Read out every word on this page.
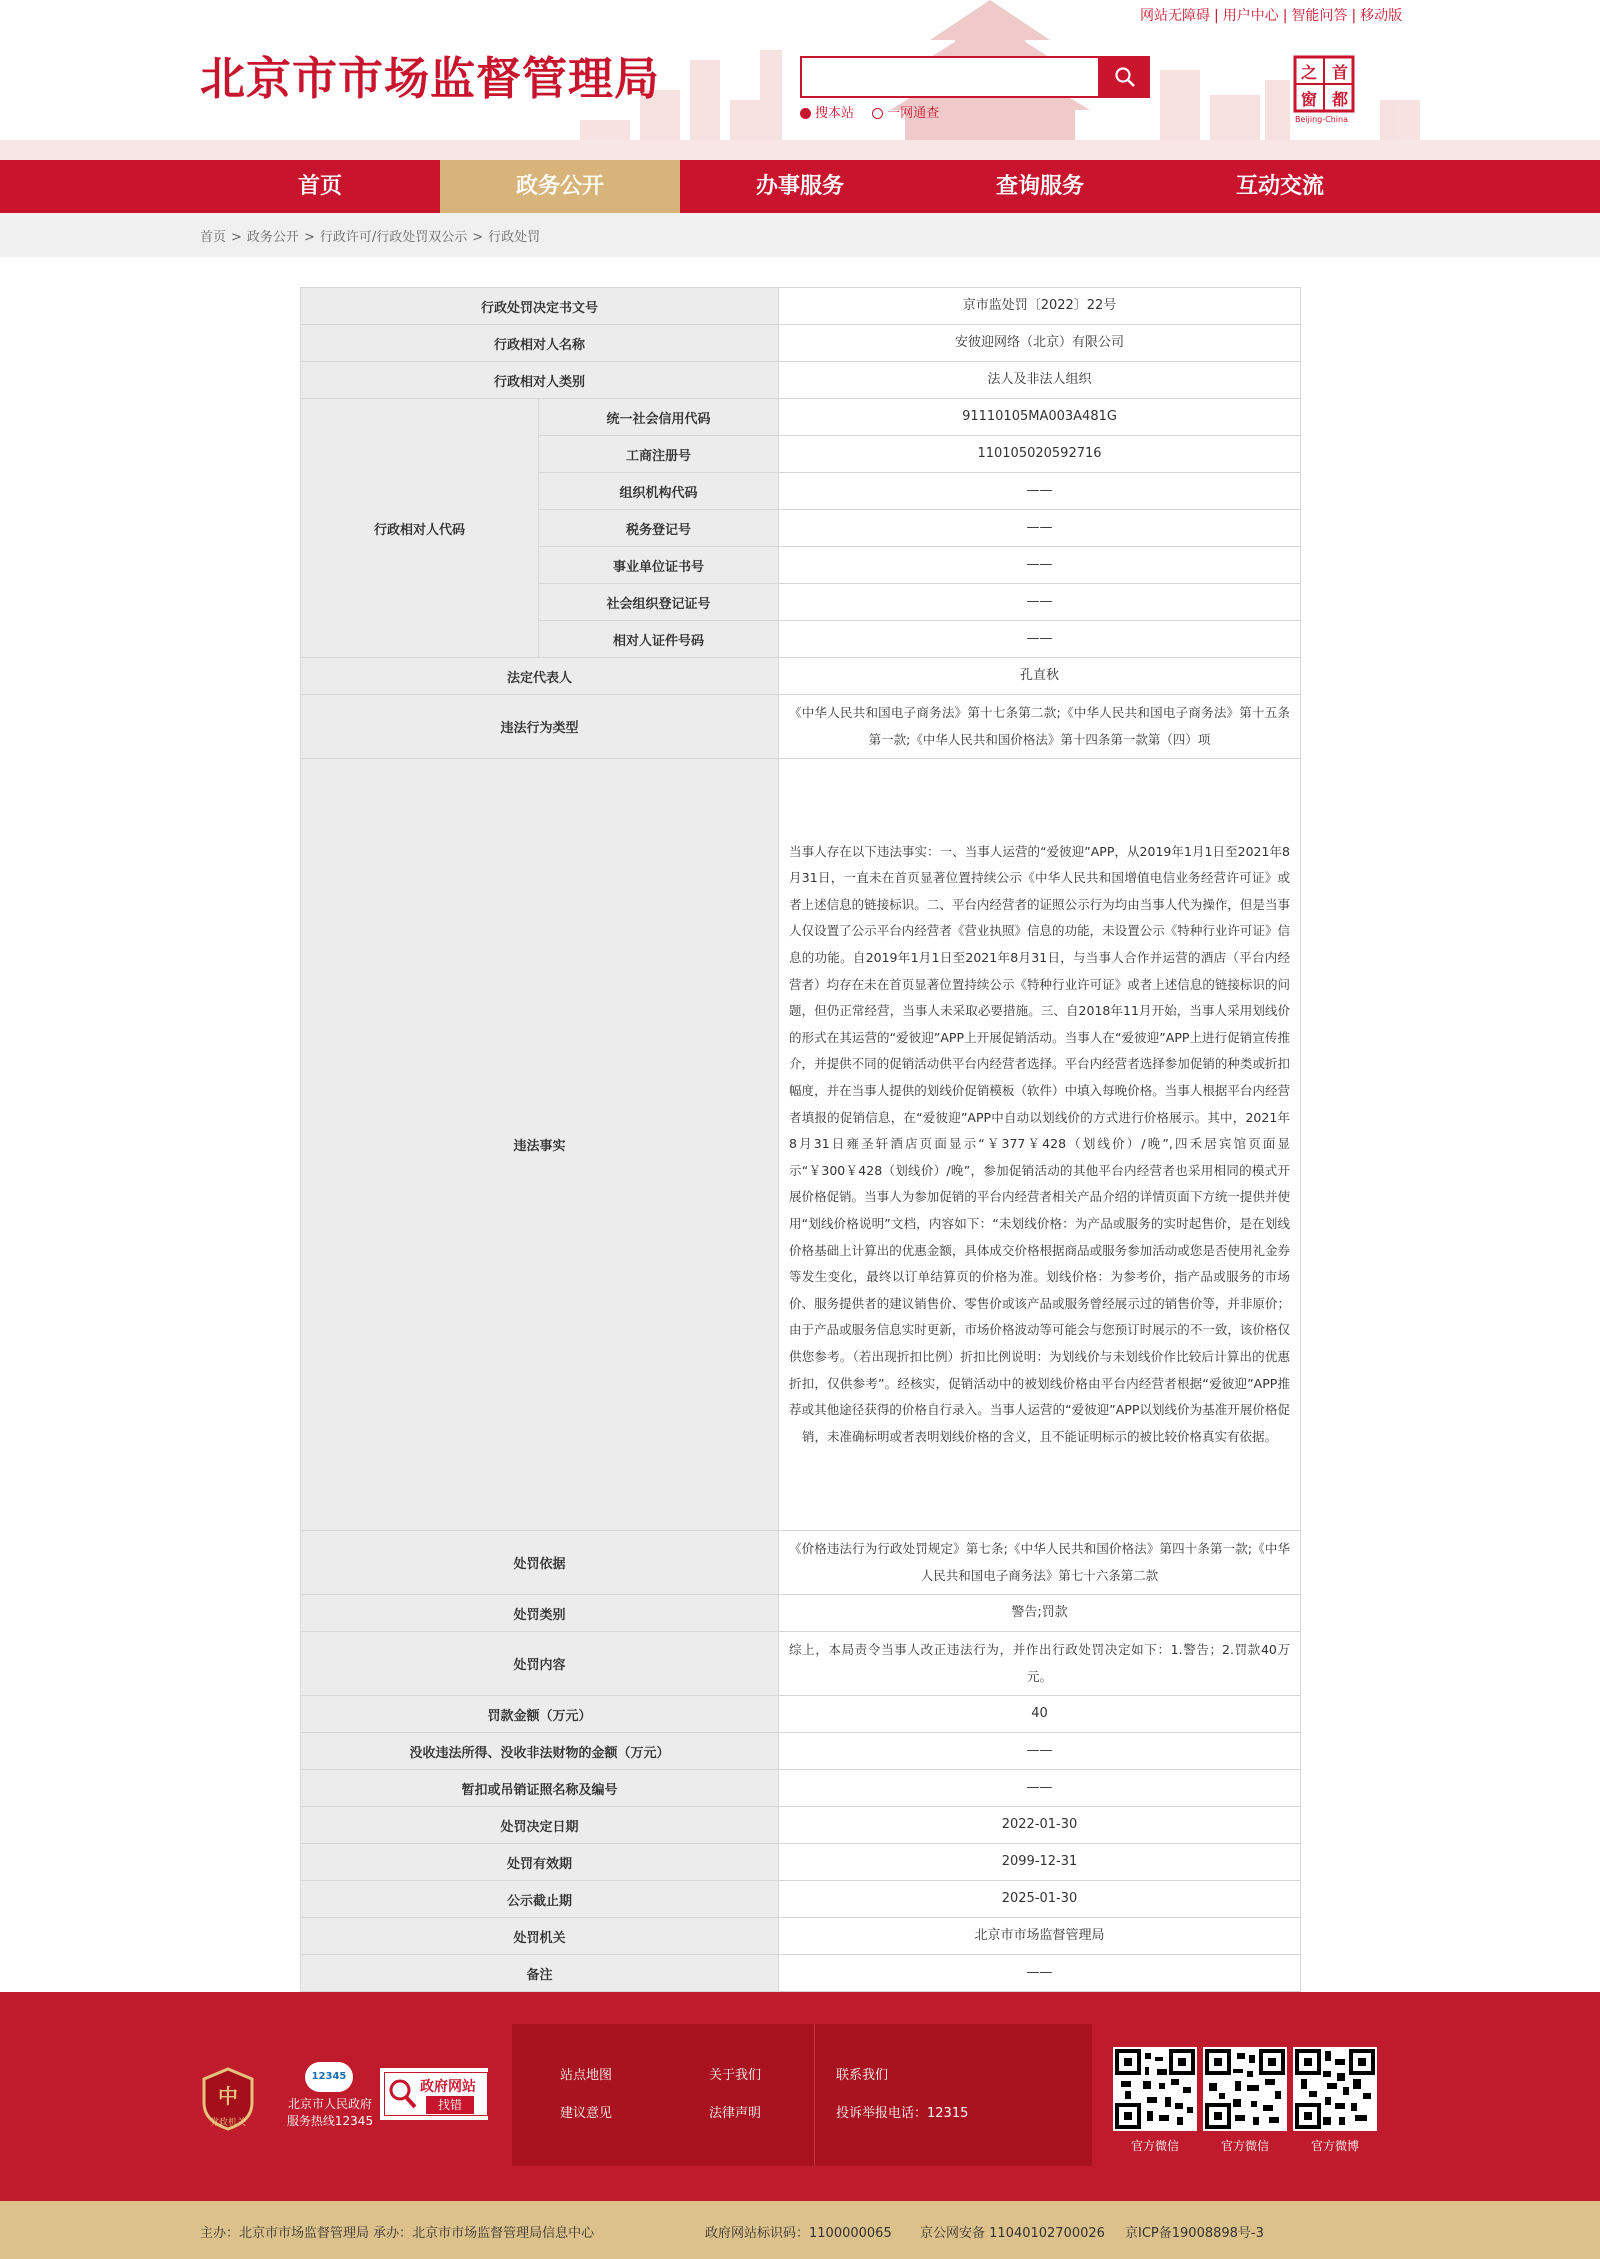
北京市市场监督管理局
网站无障碍 | 用户中心 | 智能问答 | 移动版
搜本站	一网通查
首
都
之
窗
Beijing-China
首页	政务公开	办事服务	查询服务	互动交流
首页 > 政务公开 > 行政许可/行政处罚双公示 > 行政处罚
行政处罚决定书文号		京市监处罚〔2022〕22号
行政相对人名称		安彼迎网络（北京）有限公司
行政相对人类别		法人及非法人组织
行政相对人代码	统一社会信用代码	91110105MA003A481G
	工商注册号	110105020592716
	组织机构代码	——
	税务登记号	——
	事业单位证书号	——
	社会组织登记证号	——
	相对人证件号码	——
法定代表人		孔直秋
违法行为类型		《中华人民共和国电子商务法》第十七条第二款;《中华人民共和国电子商务法》第十五条第一款;《中华人民共和国价格法》第十四条第一款第（四）项
违法事实		当事人存在以下违法事实：一、当事人运营的“爱彼迎”APP，从2019年1月1日至2021年8月31日，一直未在首页显著位置持续公示《中华人民共和国增值电信业务经营许可证》或者上述信息的链接标识。二、平台内经营者的证照公示行为均由当事人代为操作，但是当事人仅设置了公示平台内经营者《营业执照》信息的功能，未设置公示《特种行业许可证》信息的功能。自2019年1月1日至2021年8月31日，与当事人合作并运营的酒店（平台内经营者）均存在未在首页显著位置持续公示《特种行业许可证》或者上述信息的链接标识的问题，但仍正常经营，当事人未采取必要措施。三、自2018年11月开始，当事人采用划线价的形式在其运营的“爱彼迎”APP上开展促销活动。当事人在“爱彼迎”APP上进行促销宣传推介，并提供不同的促销活动供平台内经营者选择。平台内经营者选择参加促销的种类或折扣幅度，并在当事人提供的划线价促销模板（软件）中填入每晚价格。当事人根据平台内经营者填报的促销信息，在“爱彼迎”APP中自动以划线价的方式进行价格展示。其中，2021年8月31日雍圣轩酒店页面显示“￥377￥428（划线价）/晚”,四禾居宾馆页面显示“￥300￥428（划线价）/晚”，参加促销活动的其他平台内经营者也采用相同的模式开展价格促销。当事人为参加促销的平台内经营者相关产品介绍的详情页面下方统一提供并使用“划线价格说明”文档，内容如下：“未划线价格：为产品或服务的实时起售价，是在划线价格基础上计算出的优惠金额，具体成交价格根据商品或服务参加活动或您是否使用礼金券等发生变化，最终以订单结算页的价格为准。划线价格：为参考价，指产品或服务的市场价、服务提供者的建议销售价、零售价或该产品或服务曾经展示过的销售价等，并非原价；由于产品或服务信息实时更新，市场价格波动等可能会与您预订时展示的不一致，该价格仅供您参考。（若出现折扣比例）折扣比例说明：为划线价与未划线价作比较后计算出的优惠折扣，仅供参考”。经核实，促销活动中的被划线价格由平台内经营者根据“爱彼迎”APP推荐或其他途径获得的价格自行录入。当事人运营的“爱彼迎”APP以划线价为基准开展价格促销，未准确标明或者表明划线价格的含义，且不能证明标示的被比较价格真实有依据。
处罚依据		《价格违法行为行政处罚规定》第七条;《中华人民共和国价格法》第四十条第一款;《中华人民共和国电子商务法》第七十六条第二款
处罚类别		警告;罚款
处罚内容		综上，本局责令当事人改正违法行为，并作出行政处罚决定如下：1.警告；2.罚款40万元。
罚款金额（万元）		40
没收违法所得、没收非法财物的金额（万元）		——
暂扣或吊销证照名称及编号		——
处罚决定日期		2022-01-30
处罚有效期		2099-12-31
公示截止期		2025-01-30
处罚机关		北京市市场监督管理局
备注		——
中
党政机关
12345
北京市人民政府
服务热线12345
政府网站
找错
站点地图	关于我们	联系我们
建议意见	法律声明	投诉举报电话：12315
官方微信	官方微信	官方微博
主办：北京市市场监督管理局 承办：北京市市场监督管理局信息中心	政府网站标识码：1100000065 京公网安备 11040102700026 京ICP备19008898号-3
